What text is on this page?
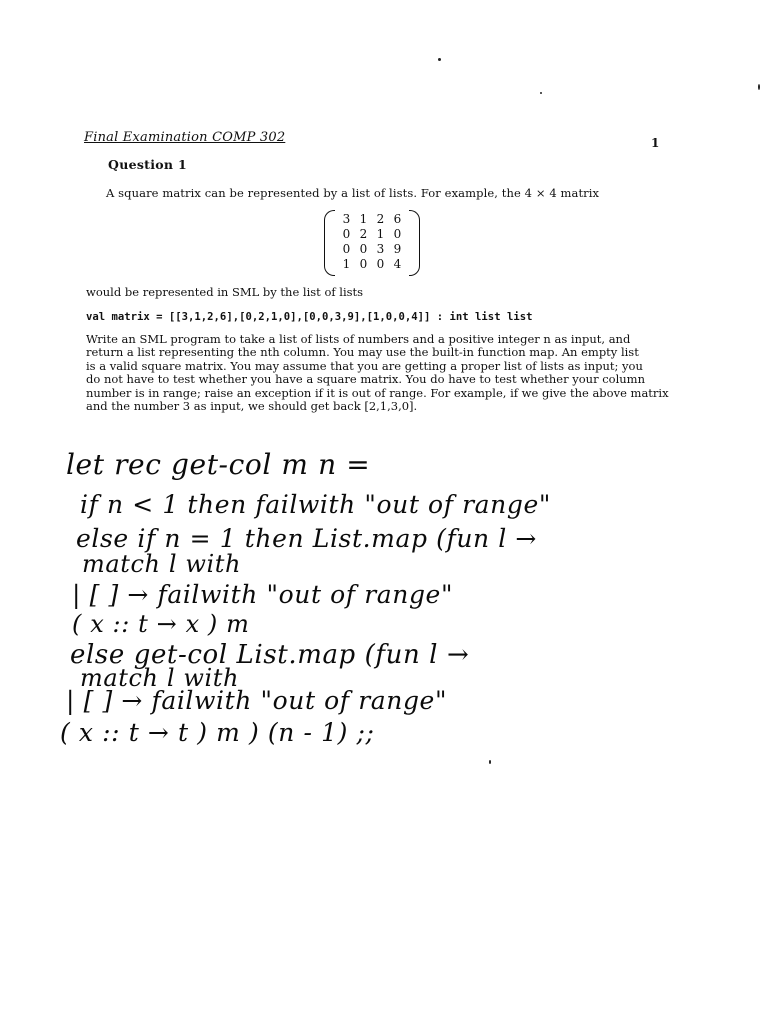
Final Examination COMP 302	1
Question 1
A square matrix can be represented by a list of lists. For example, the 4 × 4 matrix
3 1 2 6
0 2 1 0
0 0 3 9
1 0 0 4
would be represented in SML by the list of lists
val matrix = [[3,1,2,6],[0,2,1,0],[0,0,3,9],[1,0,0,4]] : int list list
Write an SML program to take a list of lists of numbers and a positive integer n as input, and
return a list representing the nth column. You may use the built-in function map. An empty list
is a valid square matrix. You may assume that you are getting a proper list of lists as input; you
do not have to test whether you have a square matrix. You do have to test whether your column
number is in range; raise an exception if it is out of range. For example, if we give the above matrix
and the number 3 as input, we should get back [2,1,3,0].
let rec get-col m n =
if n < 1 then failwith "out of range"
else if n = 1 then List.map (fun l →
match l with
| [ ] → failwith "out of range"
( x :: t → x ) m
else get-col List.map (fun l →
match l with
| [ ] → failwith "out of range"
( x :: t → t ) m ) (n - 1) ;;
